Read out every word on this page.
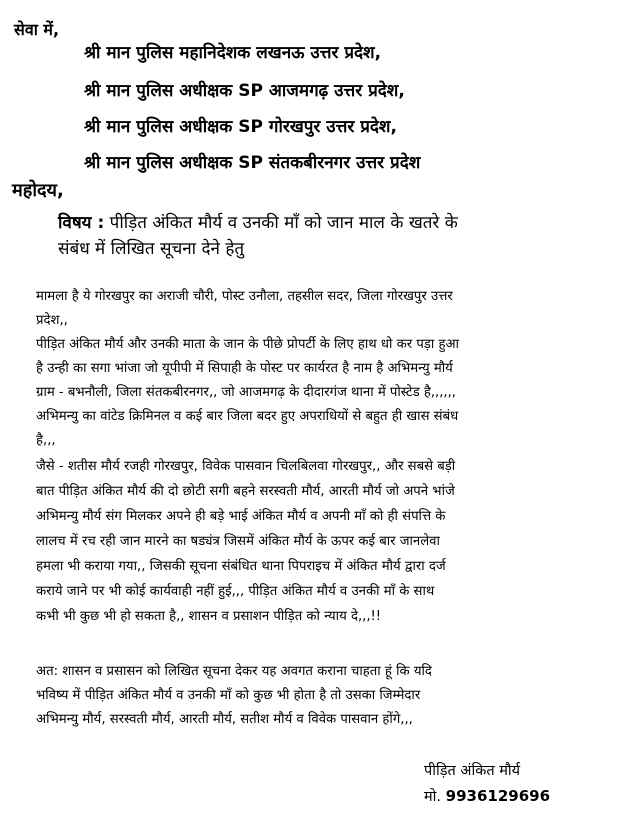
सेवा में,
श्री मान पुलिस महानिदेशक लखनऊ उत्तर प्रदेश,
श्री मान पुलिस अधीक्षक SP आजमगढ़ उत्तर प्रदेश,
श्री मान पुलिस अधीक्षक SP गोरखपुर उत्तर प्रदेश,
श्री मान पुलिस अधीक्षक SP संतकबीरनगर उत्तर प्रदेश
महोदय,
विषय : पीड़ित अंकित मौर्य व उनकी माँ को जान माल के खतरे के
संबंध में लिखित सूचना देने हेतु
मामला है ये गोरखपुर का अराजी चौरी, पोस्ट उनौला, तहसील सदर, जिला गोरखपुर उत्तर
प्रदेश,,
पीड़ित अंकित मौर्य और उनकी माता के जान के पीछे प्रोपर्टी के लिए हाथ धो कर पड़ा हुआ
है उन्ही का सगा भांजा जो यूपीपी में सिपाही के पोस्ट पर कार्यरत है नाम है अभिमन्यु मौर्य
ग्राम - बभनौली, जिला संतकबीरनगर,, जो आजमगढ़ के दीदारगंज थाना में पोस्टेड है,,,,,,
अभिमन्यु का वांटेड क्रिमिनल व कई बार जिला बदर हुए अपराधियों से बहुत ही खास संबंध
है,,,
जैसे - शतीस मौर्य रजही गोरखपुर, विवेक पासवान चिलबिलवा गोरखपुर,, और सबसे बड़ी
बात पीड़ित अंकित मौर्य की दो छोटी सगी बहने सरस्वती मौर्य, आरती मौर्य जो अपने भांजे
अभिमन्यु मौर्य संग मिलकर अपने ही बड़े भाई अंकित मौर्य व अपनी माँ को ही संपत्ति के
लालच में रच रही जान मारने का षड्यंत्र जिसमें अंकित मौर्य के ऊपर कई बार जानलेवा
हमला भी कराया गया,, जिसकी सूचना संबंधित थाना पिपराइच में अंकित मौर्य द्वारा दर्ज
कराये जाने पर भी कोई कार्यवाही नहीं हुई,,, पीड़ित अंकित मौर्य व उनकी माँ के साथ
कभी भी कुछ भी हो सकता है,, शासन व प्रसाशन पीड़ित को न्याय दे,,,!!
अत: शासन व प्रसासन को लिखित सूचना देकर यह अवगत कराना चाहता हूं कि यदि
भविष्य में पीड़ित अंकित मौर्य व उनकी माँ को कुछ भी होता है तो उसका जिम्मेदार
अभिमन्यु मौर्य, सरस्वती मौर्य, आरती मौर्य, सतीश मौर्य व विवेक पासवान होंगे,,,
पीड़ित अंकित मौर्य
मो. 9936129696
